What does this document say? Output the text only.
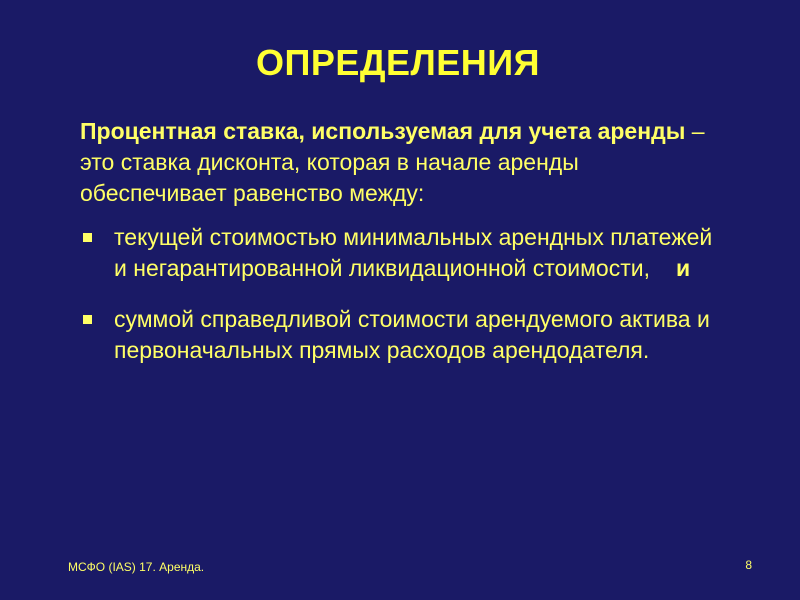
ОПРЕДЕЛЕНИЯ

Процентная ставка, используемая для учета аренды – это ставка дисконта, которая в начале аренды обеспечивает равенство между:

текущей стоимостью минимальных арендных платежей и негарантированной ликвидационной стоимости, и
суммой справедливой стоимости арендуемого актива и первоначальных прямых расходов арендодателя.
МСФО (IAS) 17. Аренда.	8
